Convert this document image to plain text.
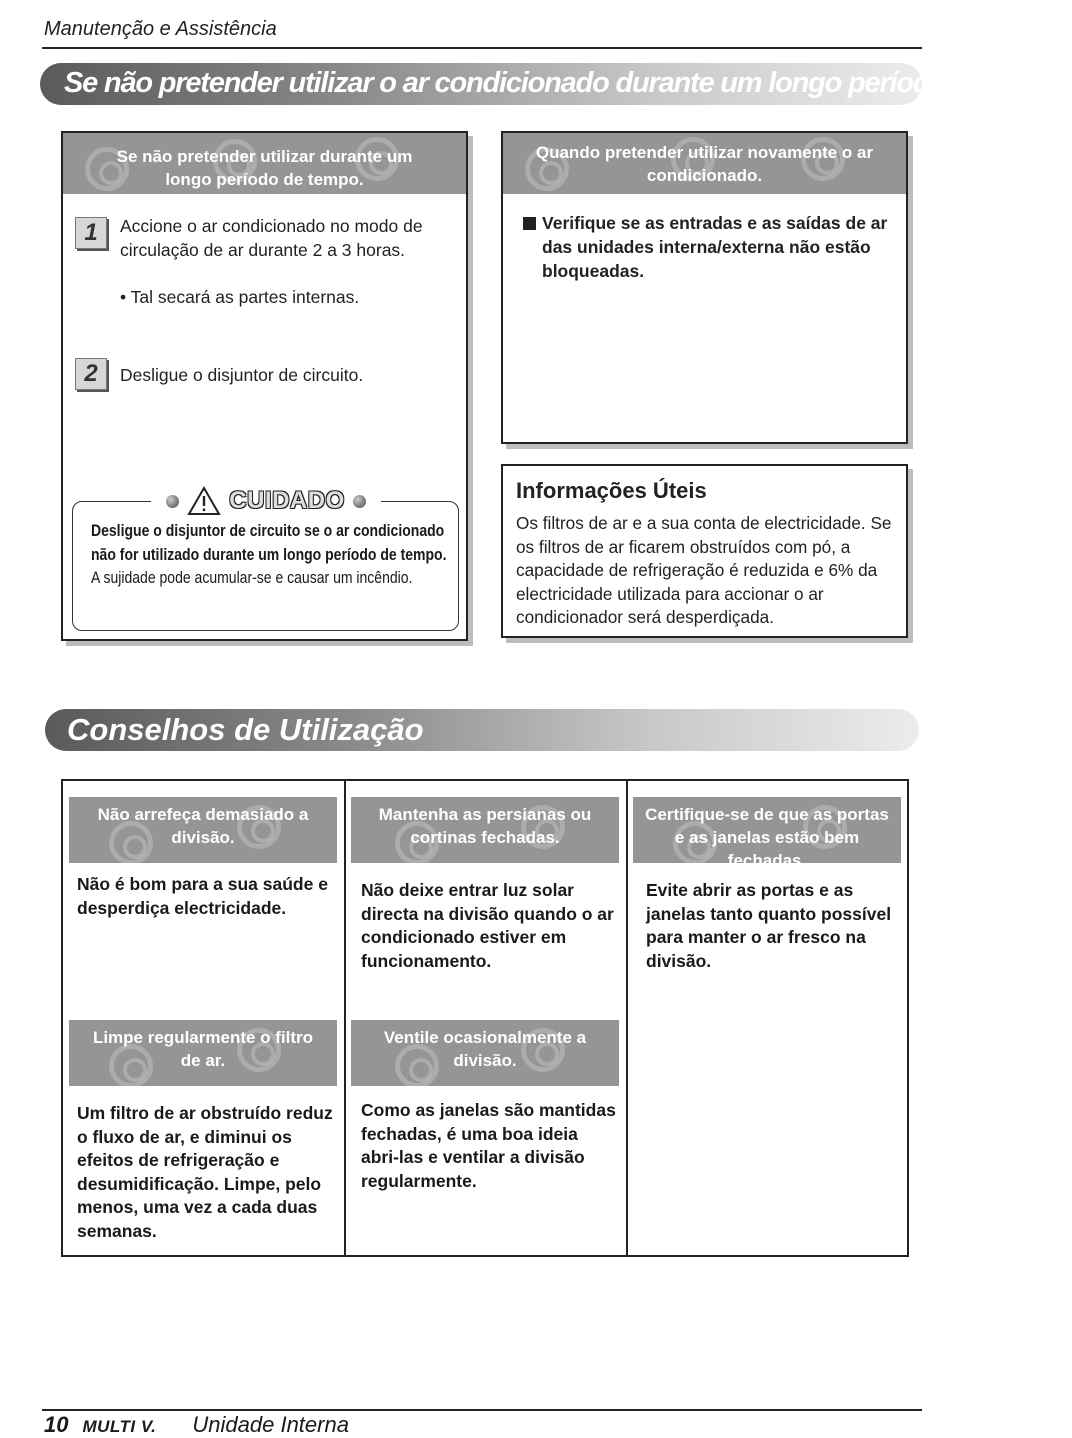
Manutenção e Assistência
Se não pretender utilizar o ar condicionado durante um longo período de tempo
Se não pretender utilizar durante um longo período de tempo.
1	Accione o ar condicionado no modo de circulação de ar durante 2 a 3 horas.
• Tal secará as partes internas.
2	Desligue o disjuntor de circuito.
CUIDADO
Desligue o disjuntor de circuito se o ar condicionado não for utilizado durante um longo período de tempo.
A sujidade pode acumular-se e causar um incêndio.
Quando pretender utilizar novamente o ar condicionado.
Verifique se as entradas e as saídas de ar das unidades interna/externa não estão bloqueadas.
Informações Úteis
Os filtros de ar e a sua conta de electricidade. Se os filtros de ar ficarem obstruídos com pó, a capacidade de refrigeração é reduzida e 6% da electricidade utilizada para accionar o ar condicionador será desperdiçada.
Conselhos de Utilização
Não arrefeça demasiado a divisão.
Não é bom para a sua saúde e desperdiça electricidade.
Mantenha as persianas ou cortinas fechadas.
Não deixe entrar luz solar directa na divisão quando o ar condicionado estiver em funcionamento.
Certifique-se de que as portas e as janelas estão bem fechadas.
Evite abrir as portas e as janelas tanto quanto possível para manter o ar fresco na divisão.
Limpe regularmente o filtro de ar.
Um filtro de ar obstruído reduz o fluxo de ar, e diminui os efeitos de refrigeração e desumidificação. Limpe, pelo menos, uma vez a cada duas semanas.
Ventile ocasionalmente a divisão.
Como as janelas são mantidas fechadas, é uma boa ideia abri-las e ventilar a divisão regularmente.
10 MULTI V. Unidade Interna
